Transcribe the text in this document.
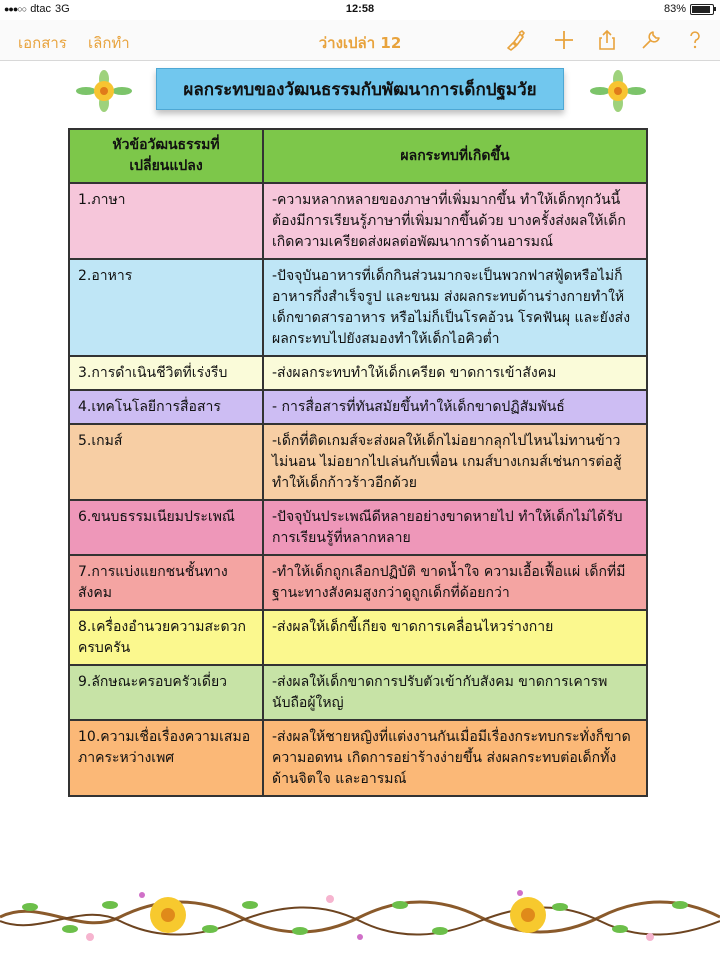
●●●○○ dtac 3G	12:58	83%
เอกสาร เลิกทำ	ว่างเปล่า 12
ผลกระทบของวัฒนธรรมกับพัฒนาการเด็กปฐมวัย
หัวข้อวัฒนธรรมที่เปลี่ยนแปลง	ผลกระทบที่เกิดขึ้น
1.ภาษา	-ความหลากหลายของภาษาที่เพิ่มมากขึ้น ทำให้เด็กทุกวันนี้ต้องมีการเรียนรู้ภาษาที่เพิ่มมากขึ้นด้วย บางครั้งส่งผลให้เด็กเกิดความเครียดส่งผลต่อพัฒนาการด้านอารมณ์
2.อาหาร	-ปัจจุบันอาหารที่เด็กกินส่วนมากจะเป็นพวกฟาสฟู้ดหรือไม่ก็อาหารกึ่งสำเร็จรูป และขนม ส่งผลกระทบด้านร่างกายทำให้เด็กขาดสารอาหาร หรือไม่ก็เป็นโรคอ้วน โรคฟันผุ และยังส่งผลกระทบไปยังสมองทำให้เด็กไอคิวต่ำ
3.การดำเนินชีวิตที่เร่งรีบ	-ส่งผลกระทบทำให้เด็กเครียด ขาดการเข้าสังคม
4.เทคโนโลยีการสื่อสาร	- การสื่อสารที่ทันสมัยขึ้นทำให้เด็กขาดปฏิสัมพันธ์
5.เกมส์	-เด็กที่ติดเกมส์จะส่งผลให้เด็กไม่อยากลุกไปไหนไม่ทานข้าว ไม่นอน ไม่อยากไปเล่นกับเพื่อน เกมส์บางเกมส์เช่นการต่อสู้ทำให้เด็กก้าวร้าวอีกด้วย
6.ขนบธรรมเนียมประเพณี	-ปัจจุบันประเพณีดีหลายอย่างขาดหายไป ทำให้เด็กไม่ได้รับการเรียนรู้ที่หลากหลาย
7.การแบ่งแยกชนชั้นทางสังคม	-ทำให้เด็กถูกเลือกปฏิบัติ ขาดน้ำใจ ความเอื้อเฟื้อแผ่ เด็กที่มีฐานะทางสังคมสูงกว่าดูถูกเด็กที่ด้อยกว่า
8.เครื่องอำนวยความสะดวกครบครัน	-ส่งผลให้เด็กขี้เกียจ ขาดการเคลื่อนไหวร่างกาย
9.ลักษณะครอบครัวเดี่ยว	-ส่งผลให้เด็กขาดการปรับตัวเข้ากับสังคม ขาดการเคารพนับถือผู้ใหญ่
10.ความเชื่อเรื่องความเสมอภาคระหว่างเพศ	-ส่งผลให้ชายหญิงที่แต่งงานกันเมื่อมีเรื่องกระทบกระทั่งก็ขาดความอดทน เกิดการอย่าร้างง่ายขึ้น ส่งผลกระทบต่อเด็กทั้งด้านจิตใจ และอารมณ์
